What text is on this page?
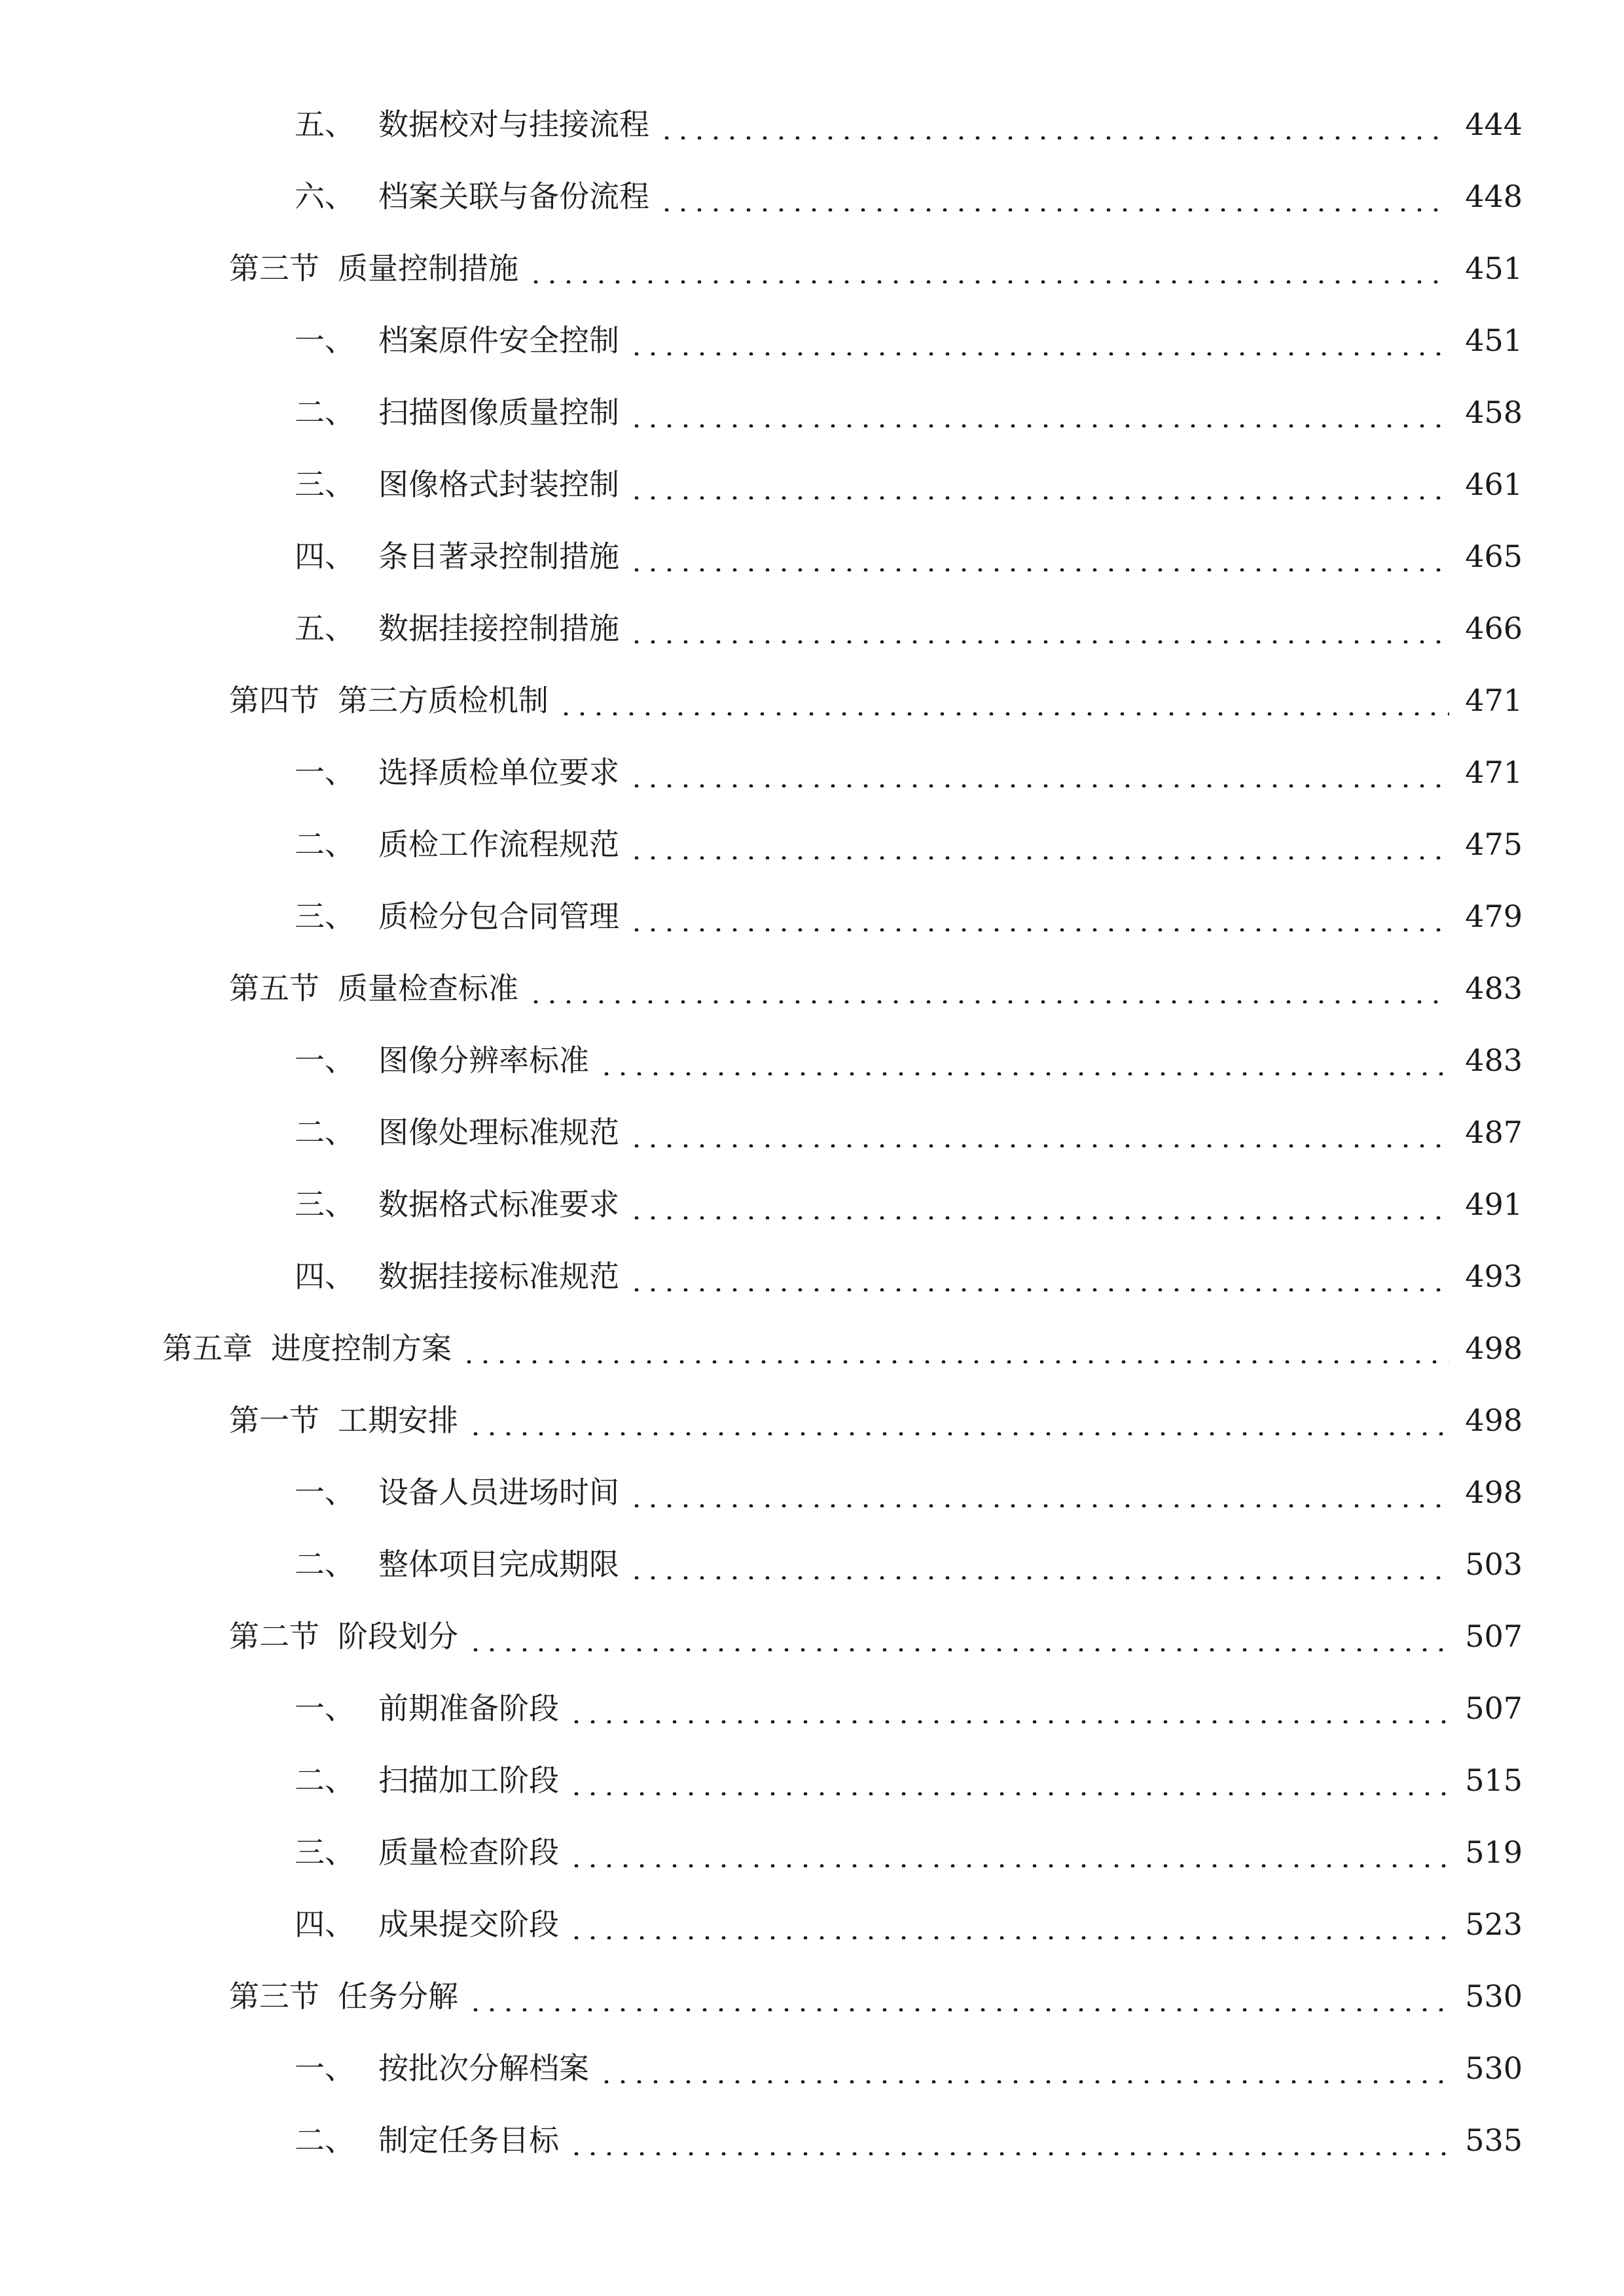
五、 数据校对与挂接流程	444
六、 档案关联与备份流程	448
第三节 质量控制措施	451
一、 档案原件安全控制	451
二、 扫描图像质量控制	458
三、 图像格式封装控制	461
四、 条目著录控制措施	465
五、 数据挂接控制措施	466
第四节 第三方质检机制	471
一、 选择质检单位要求	471
二、 质检工作流程规范	475
三、 质检分包合同管理	479
第五节 质量检查标准	483
一、 图像分辨率标准	483
二、 图像处理标准规范	487
三、 数据格式标准要求	491
四、 数据挂接标准规范	493
第五章 进度控制方案	498
第一节 工期安排	498
一、 设备人员进场时间	498
二、 整体项目完成期限	503
第二节 阶段划分	507
一、 前期准备阶段	507
二、 扫描加工阶段	515
三、 质量检查阶段	519
四、 成果提交阶段	523
第三节 任务分解	530
一、 按批次分解档案	530
二、 制定任务目标	535
